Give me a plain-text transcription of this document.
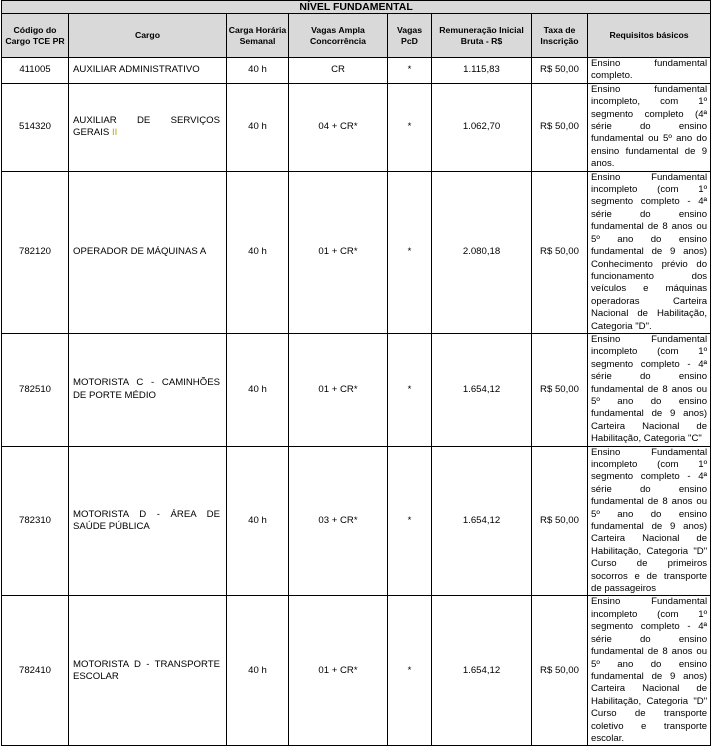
NÍVEL FUNDAMENTAL							
Código do Cargo TCE PR	Cargo	Carga Horária Semanal	Vagas Ampla Concorrência	Vagas PcD	Remuneração Inicial Bruta - R$	Taxa de Inscrição	Requisitos básicos
411005	AUXILIAR ADMINISTRATIVO	40 h	CR	*	1.115,83	R$ 50,00	Ensino fundamental completo.
514320	AUXILIAR DE SERVIÇOS GERAIS II	40 h	04 + CR*	*	1.062,70	R$ 50,00	Ensino fundamental incompleto, com 1º segmento completo (4ª série do ensino fundamental ou 5º ano do ensino fundamental de 9 anos.
782120	OPERADOR DE MÁQUINAS A	40 h	01 + CR*	*	2.080,18	R$ 50,00	Ensino Fundamental incompleto (com 1º segmento completo - 4ª série do ensino fundamental de 8 anos ou 5º ano do ensino fundamental de 9 anos) Conhecimento prévio do funcionamento dos veículos e máquinas operadoras Carteira Nacional de Habilitação, Categoria "D".
782510	MOTORISTA C - CAMINHÕES DE PORTE MÉDIO	40 h	01 + CR*	*	1.654,12	R$ 50,00	Ensino Fundamental incompleto (com 1º segmento completo - 4ª série do ensino fundamental de 8 anos ou 5º ano do ensino fundamental de 9 anos) Carteira Nacional de Habilitação, Categoria "C"
782310	MOTORISTA D - ÁREA DE SAÚDE PÚBLICA	40 h	03 + CR*	*	1.654,12	R$ 50,00	Ensino Fundamental incompleto (com 1º segmento completo - 4ª série do ensino fundamental de 8 anos ou 5º ano do ensino fundamental de 9 anos) Carteira Nacional de Habilitação, Categoria "D" Curso de primeiros socorros e de transporte de passageiros
782410	MOTORISTA D - TRANSPORTE ESCOLAR	40 h	01 + CR*	*	1.654,12	R$ 50,00	Ensino Fundamental incompleto (com 1º segmento completo - 4ª série do ensino fundamental de 8 anos ou 5º ano do ensino fundamental de 9 anos) Carteira Nacional de Habilitação, Categoria "D" Curso de transporte coletivo e transporte escolar.
